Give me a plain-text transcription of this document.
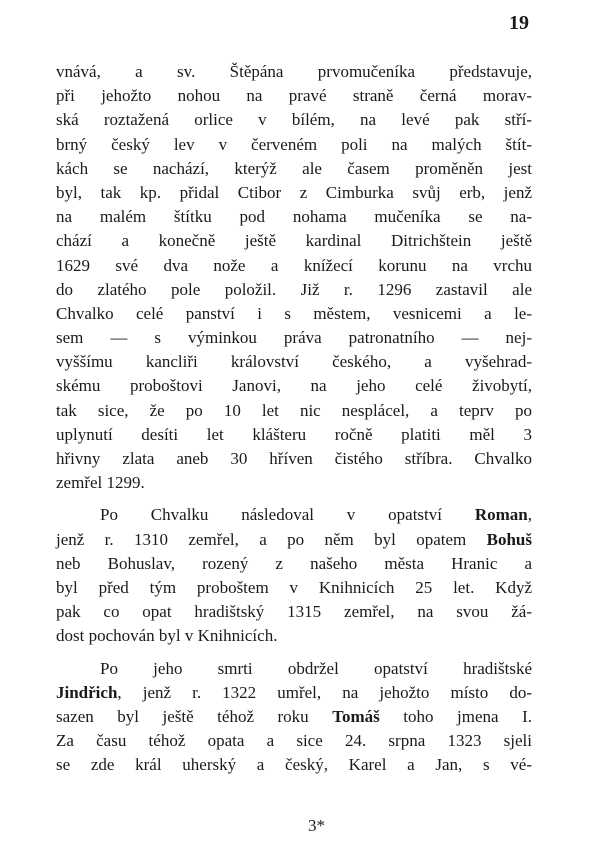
19
vnává, a sv. Štěpána prvomučeníka představuje,
při jehožto nohou na pravé straně černá morav-
ská roztažená orlice v bílém, na levé pak stří-
brný český lev v červeném poli na malých štít-
kách se nachází, kterýž ale časem proměněn jest
byl, tak kp. přidal Ctibor z Cimburka svůj erb, jenž
na malém štítku pod nohama mučeníka se na-
chází a konečně ještě kardinal Ditrichštein ještě
1629 své dva nože a knížecí korunu na vrchu
do zlatého pole položil. Již r. 1296 zastavil ale
Chvalko celé panství i s městem, vesnicemi a le-
sem — s výminkou práva patronatního — nej-
vyššímu kancliři království českého, a vyšehrad-
skému proboštovi Janovi, na jeho celé živobytí,
tak sice, že po 10 let nic nesplácel, a teprv po
uplynutí desíti let klášteru ročně platiti měl 3
hřivny zlata aneb 30 hříven čistého stříbra. Chvalko
zemřel 1299.
Po Chvalku následoval v opatství Roman,
jenž r. 1310 zemřel, a po něm byl opatem Bohuš
neb Bohuslav, rozený z našeho města Hranic a
byl před tým proboštem v Knihnicích 25 let. Když
pak co opat hradištský 1315 zemřel, na svou žá-
dost pochován byl v Knihnicích.
Po jeho smrti obdržel opatství hradištské
Jindřich, jenž r. 1322 umřel, na jehožto místo do-
sazen byl ještě téhož roku Tomáš toho jmena I.
Za času téhož opata a sice 24. srpna 1323 sjeli
se zde král uherský a český, Karel a Jan, s vé-
3*
